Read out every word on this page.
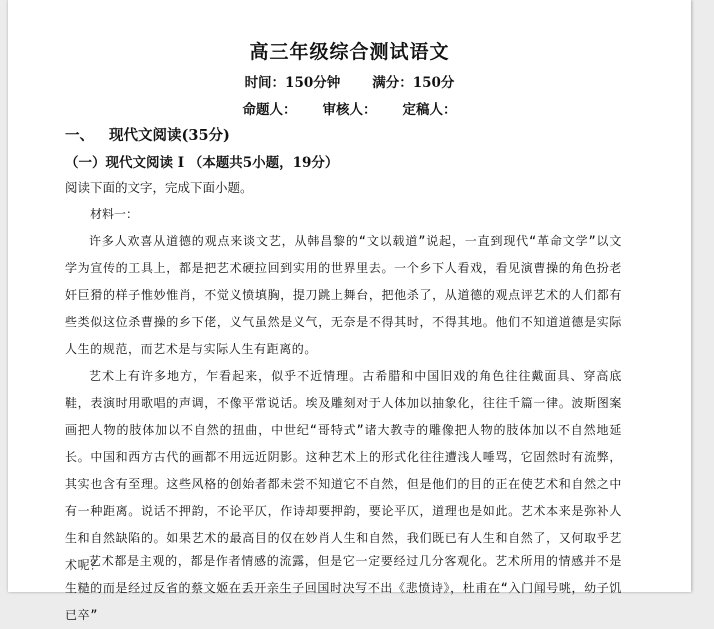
高三年级综合测试语文
时间：150分钟 满分：150分
命题人： 审核人： 定稿人：
一、 现代文阅读(35分)
（一）现代文阅读 I （本题共5小题，19分）
阅读下面的文字，完成下面小题。
材料一：

许多人欢喜从道德的观点来谈文艺，从韩昌黎的“文以载道”说起，一直到现代“革命文学”以文学为宣传的工具上，都是把艺术硬拉回到实用的世界里去。一个乡下人看戏，看见演曹操的角色扮老奸巨猾的样子惟妙惟肖，不觉义愤填胸，提刀跳上舞台，把他杀了，从道德的观点评艺术的人们都有些类似这位杀曹操的乡下佬，义气虽然是义气，无奈是不得其时，不得其地。他们不知道道德是实际人生的规范，而艺术是与实际人生有距离的。

艺术上有许多地方，乍看起来，似乎不近情理。古希腊和中国旧戏的角色往往戴面具、穿高底鞋，表演时用歌唱的声调，不像平常说话。埃及雕刻对于人体加以抽象化，往往千篇一律。波斯图案画把人物的肢体加以不自然的扭曲，中世纪“哥特式”诸大教寺的雕像把人物的肢体加以不自然地延长。中国和西方古代的画都不用远近阴影。这种艺术上的形式化往往遭浅人唾骂，它固然时有流弊，其实也含有至理。这些风格的创始者都未尝不知道它不自然，但是他们的目的正在使艺术和自然之中有一种距离。说话不押韵，不论平仄，作诗却要押韵，要论平仄，道理也是如此。艺术本来是弥补人生和自然缺陷的。如果艺术的最高目的仅在妙肖人生和自然，我们既已有人生和自然了，又何取乎艺术呢？

艺术都是主观的，都是作者情感的流露，但是它一定要经过几分客观化。艺术所用的情感并不是生糙的而是经过反省的蔡文姬在丢开亲生子回国时决写不出《悲愤诗》，杜甫在“入门闻号咷，幼子饥已卒”
